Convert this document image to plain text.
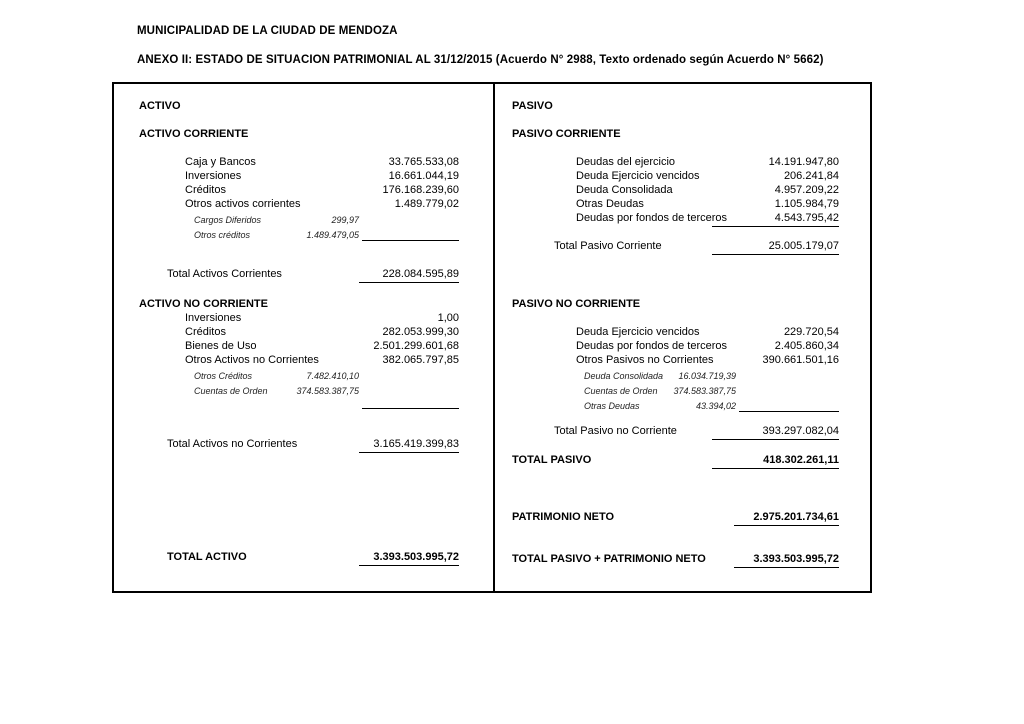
MUNICIPALIDAD DE LA CIUDAD DE MENDOZA
ANEXO II: ESTADO DE SITUACION PATRIMONIAL AL 31/12/2015 (Acuerdo N° 2988, Texto ordenado según Acuerdo N° 5662)
ACTIVO
ACTIVO CORRIENTE
Caja y Bancos	33.765.533,08
Inversiones	16.661.044,19
Créditos	176.168.239,60
Otros activos corrientes	1.489.779,02
Cargos Diferidos	299,97
Otros créditos	1.489.479,05
Total Activos Corrientes	228.084.595,89
ACTIVO NO CORRIENTE
Inversiones	1,00
Créditos	282.053.999,30
Bienes de Uso	2.501.299.601,68
Otros Activos no Corrientes	382.065.797,85
Otros Créditos	7.482.410,10
Cuentas de Orden	374.583.387,75
Total Activos no Corrientes	3.165.419.399,83
TOTAL ACTIVO	3.393.503.995,72
PASIVO
PASIVO CORRIENTE
Deudas del ejercicio	14.191.947,80
Deuda Ejercicio vencidos	206.241,84
Deuda Consolidada	4.957.209,22
Otras Deudas	1.105.984,79
Deudas por fondos de terceros	4.543.795,42
Total Pasivo Corriente	25.005.179,07
PASIVO NO CORRIENTE
Deuda Ejercicio vencidos	229.720,54
Deudas por fondos de terceros	2.405.860,34
Otros Pasivos no Corrientes	390.661.501,16
Deuda Consolidada 16.034.719,39
Cuentas de Orden 374.583.387,75
Otras Deudas	43.394,02
Total Pasivo no Corriente	393.297.082,04
TOTAL PASIVO	418.302.261,11
PATRIMONIO NETO	2.975.201.734,61
TOTAL PASIVO + PATRIMONIO NETO	3.393.503.995,72
